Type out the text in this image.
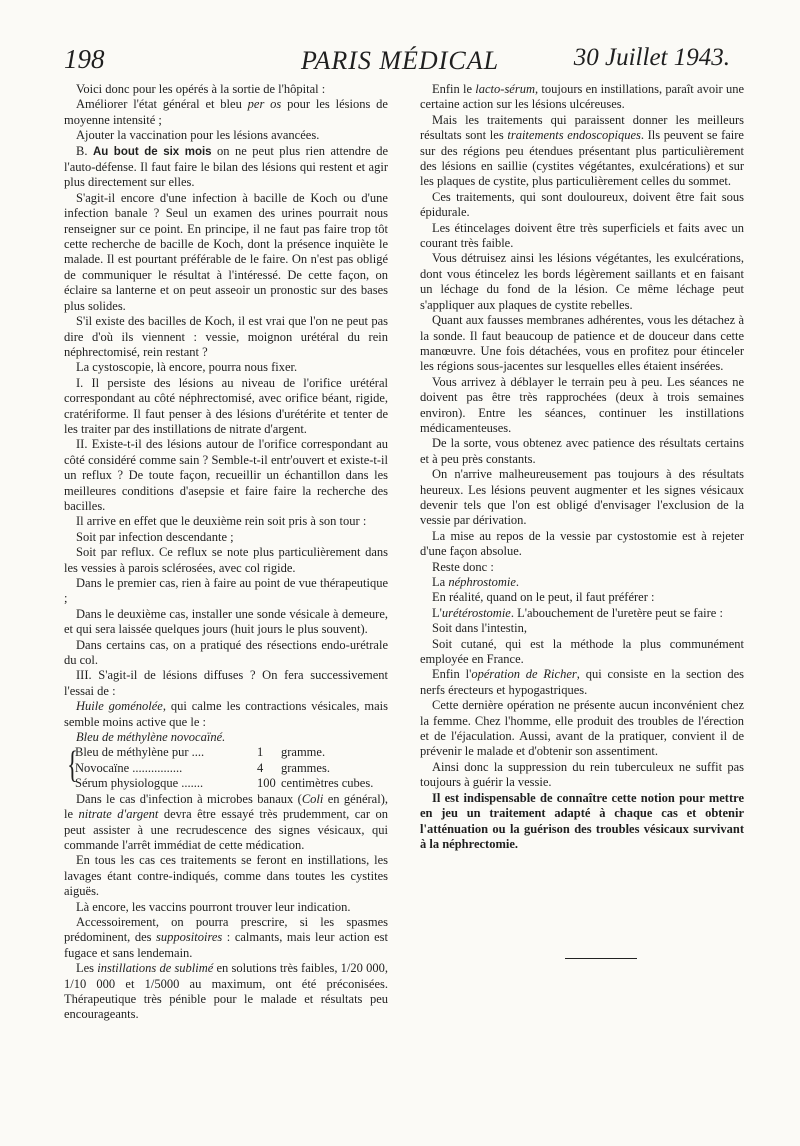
198	PARIS MÉDICAL	30 Juillet 1943.

Voici donc pour les opérés à la sortie de l'hôpital :

Améliorer l'état général et bleu per os pour les lésions de moyenne intensité ;

Ajouter la vaccination pour les lésions avancées.

B. Au bout de six mois on ne peut plus rien attendre de l'auto-défense. Il faut faire le bilan des lésions qui restent et agir plus directement sur elles.

S'agit-il encore d'une infection à bacille de Koch ou d'une infection banale ? Seul un examen des urines pourrait nous renseigner sur ce point. En principe, il ne faut pas faire trop tôt cette recherche de bacille de Koch, dont la présence inquiète le malade. Il est pourtant préférable de le faire. On n'est pas obligé de communiquer le résultat à l'intéressé. De cette façon, on éclaire sa lanterne et on peut asseoir un pronostic sur des bases plus solides.

S'il existe des bacilles de Koch, il est vrai que l'on ne peut pas dire d'où ils viennent : vessie, moignon urétéral du rein néphrectomisé, rein restant ?

La cystoscopie, là encore, pourra nous fixer.

I. Il persiste des lésions au niveau de l'orifice urétéral correspondant au côté néphrectomisé, avec orifice béant, rigide, cratériforme. Il faut penser à des lésions d'urétérite et tenter de les traiter par des instillations de nitrate d'argent.

II. Existe-t-il des lésions autour de l'orifice correspondant au côté considéré comme sain ? Semble-t-il entr'ouvert et existe-t-il un reflux ? De toute façon, recueillir un échantillon dans les meilleures conditions d'asepsie et faire faire la recherche des bacilles.

Il arrive en effet que le deuxième rein soit pris à son tour :

Soit par infection descendante ;

Soit par reflux. Ce reflux se note plus particulièrement dans les vessies à parois sclérosées, avec col rigide.

Dans le premier cas, rien à faire au point de vue thérapeutique ;

Dans le deuxième cas, installer une sonde vésicale à demeure, et qui sera laissée quelques jours (huit jours le plus souvent).

Dans certains cas, on a pratiqué des résections endo-urétrale du col.

III. S'agit-il de lésions diffuses ? On fera successivement l'essai de :

Huile goménolée, qui calme les contractions vésicales, mais semble moins active que le :

Bleu de méthylène novocaïné.

{
Bleu de méthylène pur ....	1	gramme.
Novocaïne ................	4	grammes.
Sérum physiologque .......	100 centimètres cubes.

Dans le cas d'infection à microbes banaux (Coli en général), le nitrate d'argent devra être essayé très prudemment, car on peut assister à une recrudescence des signes vésicaux, qui commande l'arrêt immédiat de cette médication.

En tous les cas ces traitements se feront en instillations, les lavages étant contre-indiqués, comme dans toutes les cystites aiguës.

Là encore, les vaccins pourront trouver leur indication.

Accessoirement, on pourra prescrire, si les spasmes prédominent, des suppositoires : calmants, mais leur action est fugace et sans lendemain.

Les instillations de sublimé en solutions très faibles, 1/20 000, 1/10 000 et 1/5000 au maximum, ont été préconisées. Thérapeutique très pénible pour le malade et résultats peu encourageants.

Enfin le lacto-sérum, toujours en instillations, paraît avoir une certaine action sur les lésions ulcéreuses.

Mais les traitements qui paraissent donner les meilleurs résultats sont les traitements endoscopiques. Ils peuvent se faire sur des régions peu étendues présentant plus particulièrement des lésions en saillie (cystites végétantes, exulcérations) et sur les plaques de cystite, plus particulièrement celles du sommet.

Ces traitements, qui sont douloureux, doivent être fait sous épidurale.

Les étincelages doivent être très superficiels et faits avec un courant très faible.

Vous détruisez ainsi les lésions végétantes, les exulcérations, dont vous étincelez les bords légèrement saillants et en faisant un léchage du fond de la lésion. Ce même léchage peut s'appliquer aux plaques de cystite rebelles.

Quant aux fausses membranes adhérentes, vous les détachez à la sonde. Il faut beaucoup de patience et de douceur dans cette manœuvre. Une fois détachées, vous en profitez pour étinceler les régions sous-jacentes sur lesquelles elles étaient insérées.

Vous arrivez à déblayer le terrain peu à peu. Les séances ne doivent pas être très rapprochées (deux à trois semaines environ). Entre les séances, continuer les instillations médicamenteuses.

De la sorte, vous obtenez avec patience des résultats certains et à peu près constants.

On n'arrive malheureusement pas toujours à des résultats heureux. Les lésions peuvent augmenter et les signes vésicaux devenir tels que l'on est obligé d'envisager l'exclusion de la vessie par dérivation.

La mise au repos de la vessie par cystostomie est à rejeter d'une façon absolue.

Reste donc :

La néphrostomie.

En réalité, quand on le peut, il faut préférer :

L'urétérostomie. L'abouchement de l'uretère peut se faire :

Soit dans l'intestin,

Soit cutané, qui est la méthode la plus communément employée en France.

Enfin l'opération de Richer, qui consiste en la section des nerfs érecteurs et hypogastriques.

Cette dernière opération ne présente aucun inconvénient chez la femme. Chez l'homme, elle produit des troubles de l'érection et de l'éjaculation. Aussi, avant de la pratiquer, convient il de prévenir le malade et d'obtenir son assentiment.

Ainsi donc la suppression du rein tuberculeux ne suffit pas toujours à guérir la vessie.

Il est indispensable de connaître cette notion pour mettre en jeu un traitement adapté à chaque cas et obtenir l'atténuation ou la guérison des troubles vésicaux survivant à la néphrectomie.
